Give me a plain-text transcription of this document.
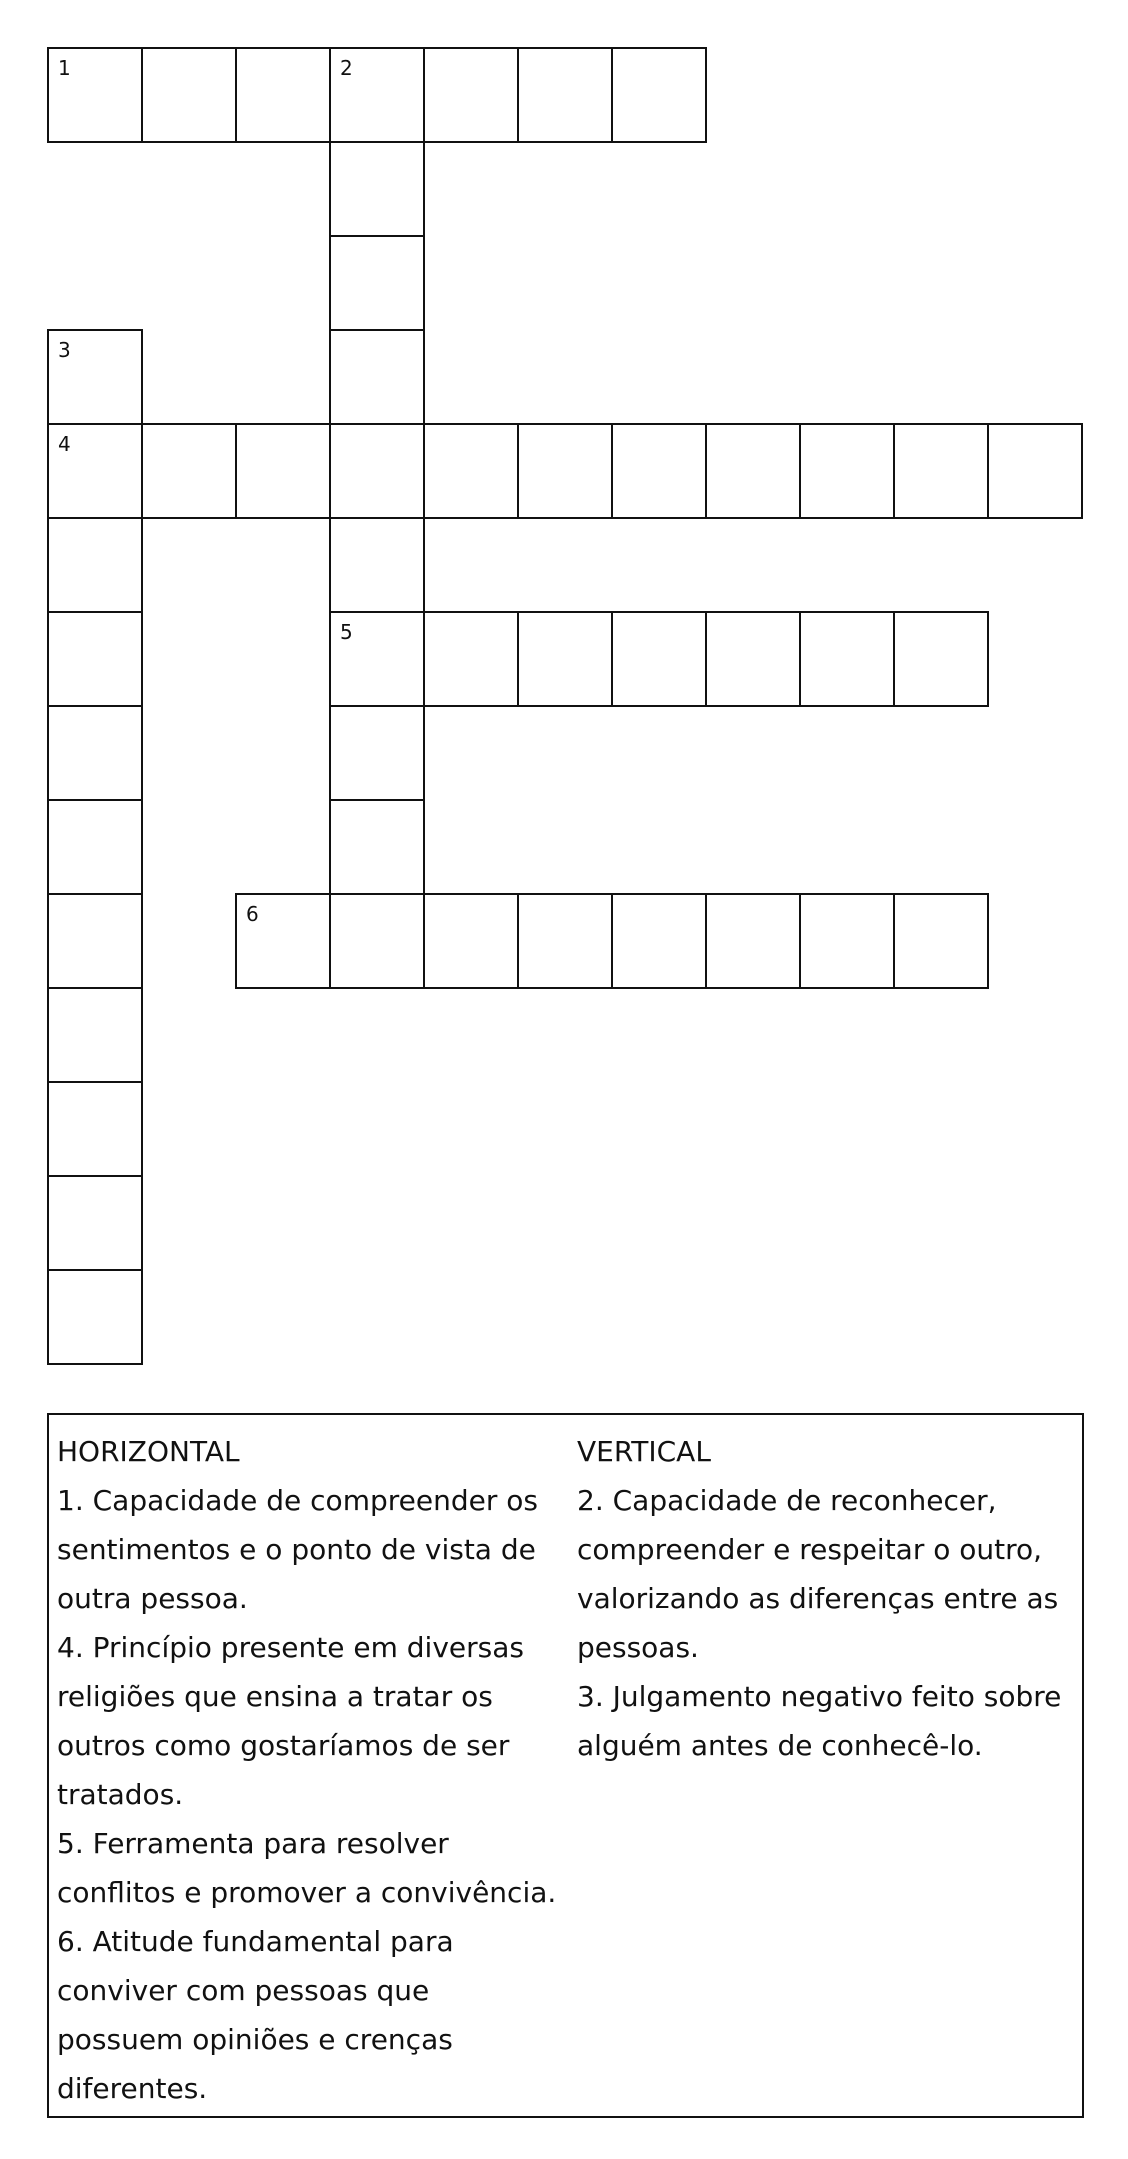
1	2
5
3
4
6
HORIZONTAL
1. Capacidade de compreender os sentimentos e o ponto de vista de outra pessoa.
4. Princípio presente em diversas religiões que ensina a tratar os outros como gostaríamos de ser tratados.
5. Ferramenta para resolver conflitos e promover a convivência.
6. Atitude fundamental para conviver com pessoas que possuem opiniões e crenças diferentes.
VERTICAL
2. Capacidade de reconhecer, compreender e respeitar o outro, valorizando as diferenças entre as pessoas.
3. Julgamento negativo feito sobre alguém antes de conhecê-lo.
